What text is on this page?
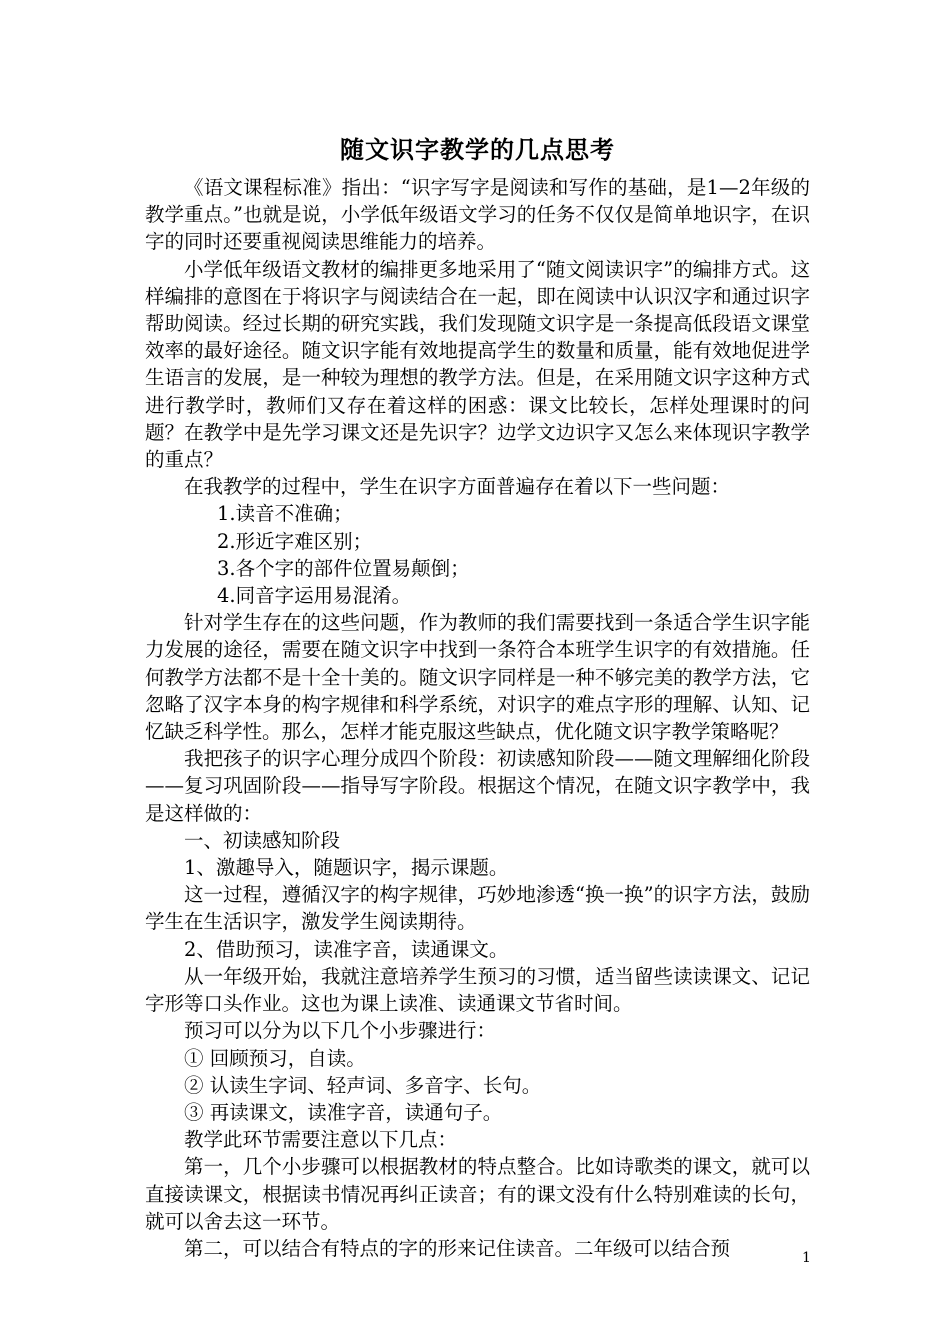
随文识字教学的几点思考

《语文课程标准》指出：“识字写字是阅读和写作的基础，是1—2年级的教学重点。”也就是说，小学低年级语文学习的任务不仅仅是简单地识字，在识字的同时还要重视阅读思维能力的培养。

小学低年级语文教材的编排更多地采用了“随文阅读识字”的编排方式。这样编排的意图在于将识字与阅读结合在一起，即在阅读中认识汉字和通过识字帮助阅读。经过长期的研究实践，我们发现随文识字是一条提高低段语文课堂效率的最好途径。随文识字能有效地提高学生的数量和质量，能有效地促进学生语言的发展，是一种较为理想的教学方法。但是，在采用随文识字这种方式进行教学时，教师们又存在着这样的困惑：课文比较长，怎样处理课时的问题？在教学中是先学习课文还是先识字？边学文边识字又怎么来体现识字教学的重点？

在我教学的过程中，学生在识字方面普遍存在着以下一些问题：

1.读音不准确；

2.形近字难区别；

3.各个字的部件位置易颠倒；

4.同音字运用易混淆。

针对学生存在的这些问题，作为教师的我们需要找到一条适合学生识字能力发展的途径，需要在随文识字中找到一条符合本班学生识字的有效措施。任何教学方法都不是十全十美的。随文识字同样是一种不够完美的教学方法，它忽略了汉字本身的构字规律和科学系统，对识字的难点字形的理解、认知、记忆缺乏科学性。那么，怎样才能克服这些缺点，优化随文识字教学策略呢？

我把孩子的识字心理分成四个阶段：初读感知阶段——随文理解细化阶段——复习巩固阶段——指导写字阶段。根据这个情况，在随文识字教学中，我是这样做的：

一、初读感知阶段

1、激趣导入，随题识字，揭示课题。

这一过程，遵循汉字的构字规律，巧妙地渗透“换一换”的识字方法，鼓励学生在生活识字，激发学生阅读期待。

2、借助预习，读准字音，读通课文。

从一年级开始，我就注意培养学生预习的习惯，适当留些读读课文、记记字形等口头作业。这也为课上读准、读通课文节省时间。

预习可以分为以下几个小步骤进行：

① 回顾预习，自读。

② 认读生字词、轻声词、多音字、长句。

③ 再读课文，读准字音，读通句子。

教学此环节需要注意以下几点：

第一，几个小步骤可以根据教材的特点整合。比如诗歌类的课文，就可以直接读课文，根据读书情况再纠正读音；有的课文没有什么特别难读的长句，就可以舍去这一环节。

第二，可以结合有特点的字的形来记住读音。二年级可以结合预	1
